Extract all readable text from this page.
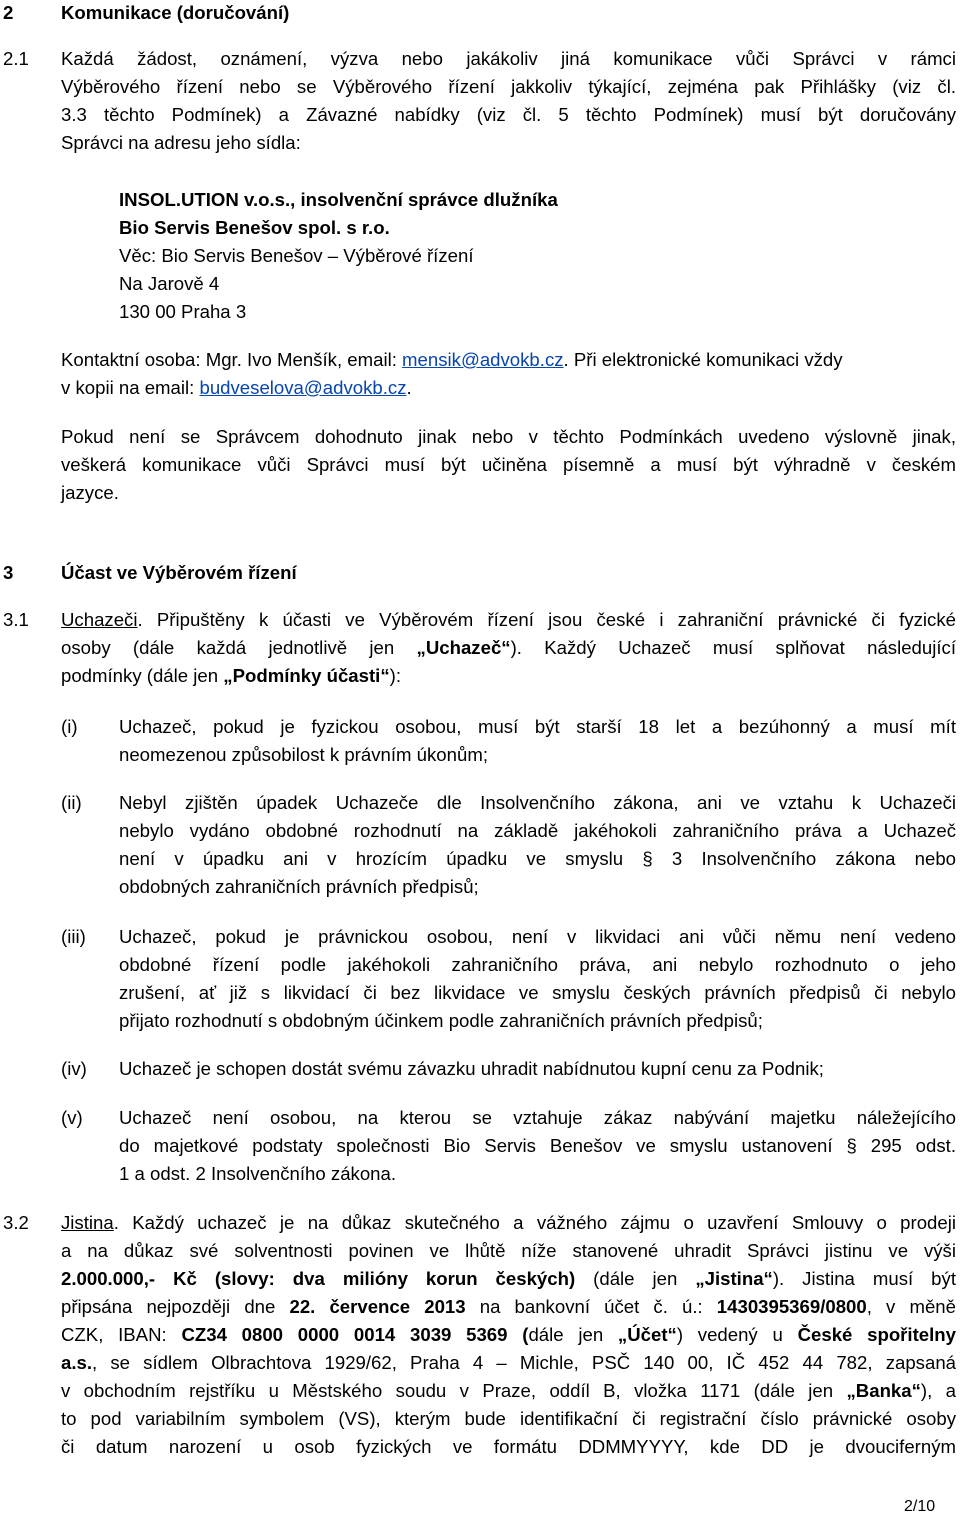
2	Komunikace (doručování)
2.1 Každá žádost, oznámení, výzva nebo jakákoliv jiná komunikace vůči Správci v rámci
Výběrového řízení nebo se Výběrového řízení jakkoliv týkající, zejména pak Přihlášky (viz čl.
3.3 těchto Podmínek) a Závazné nabídky (viz čl. 5 těchto Podmínek) musí být doručovány
Správci na adresu jeho sídla:
INSOL.UTION v.o.s., insolvenční správce dlužníka
Bio Servis Benešov spol. s r.o.
Věc: Bio Servis Benešov – Výběrové řízení
Na Jarově 4
130 00 Praha 3
Kontaktní osoba: Mgr. Ivo Menšík, email: mensik@advokb.cz. Při elektronické komunikaci vždy
v kopii na email: budveselova@advokb.cz.
Pokud není se Správcem dohodnuto jinak nebo v těchto Podmínkách uvedeno výslovně jinak,
veškerá komunikace vůči Správci musí být učiněna písemně a musí být výhradně v českém
jazyce.
3	Účast ve Výběrovém řízení
3.1 Uchazeči. Připuštěny k účasti ve Výběrovém řízení jsou české i zahraniční právnické či fyzické
osoby (dále každá jednotlivě jen „Uchazeč“). Každý Uchazeč musí splňovat následující
podmínky (dále jen „Podmínky účasti“):
(i) Uchazeč, pokud je fyzickou osobou, musí být starší 18 let a bezúhonný a musí mít
neomezenou způsobilost k právním úkonům;
(ii) Nebyl zjištěn úpadek Uchazeče dle Insolvenčního zákona, ani ve vztahu k Uchazeči
nebylo vydáno obdobné rozhodnutí na základě jakéhokoli zahraničního práva a Uchazeč
není v úpadku ani v hrozícím úpadku ve smyslu § 3 Insolvenčního zákona nebo
obdobných zahraničních právních předpisů;
(iii) Uchazeč, pokud je právnickou osobou, není v likvidaci ani vůči němu není vedeno
obdobné řízení podle jakéhokoli zahraničního práva, ani nebylo rozhodnuto o jeho
zrušení, ať již s likvidací či bez likvidace ve smyslu českých právních předpisů či nebylo
přijato rozhodnutí s obdobným účinkem podle zahraničních právních předpisů;
(iv) Uchazeč je schopen dostát svému závazku uhradit nabídnutou kupní cenu za Podnik;
(v) Uchazeč není osobou, na kterou se vztahuje zákaz nabývání majetku náležejícího
do majetkové podstaty společnosti Bio Servis Benešov ve smyslu ustanovení § 295 odst.
1 a odst. 2 Insolvenčního zákona.
3.2 Jistina. Každý uchazeč je na důkaz skutečného a vážného zájmu o uzavření Smlouvy o prodeji
a na důkaz své solventnosti povinen ve lhůtě níže stanovené uhradit Správci jistinu ve výši
2.000.000,- Kč (slovy: dva milióny korun českých) (dále jen „Jistina“). Jistina musí být
připsána nejpozději dne 22. července 2013 na bankovní účet č. ú.: 1430395369/0800, v měně
CZK, IBAN: CZ34 0800 0000 0014 3039 5369 (dále jen „Účet“) vedený u České spořitelny
a.s., se sídlem Olbrachtova 1929/62, Praha 4 – Michle, PSČ 140 00, IČ 452 44 782, zapsaná
v obchodním rejstříku u Městského soudu v Praze, oddíl B, vložka 1171 (dále jen „Banka“), a
to pod variabilním symbolem (VS), kterým bude identifikační či registrační číslo právnické osoby
či datum narození u osob fyzických ve formátu DDMMYYYY, kde DD je dvouciferným
2/10
